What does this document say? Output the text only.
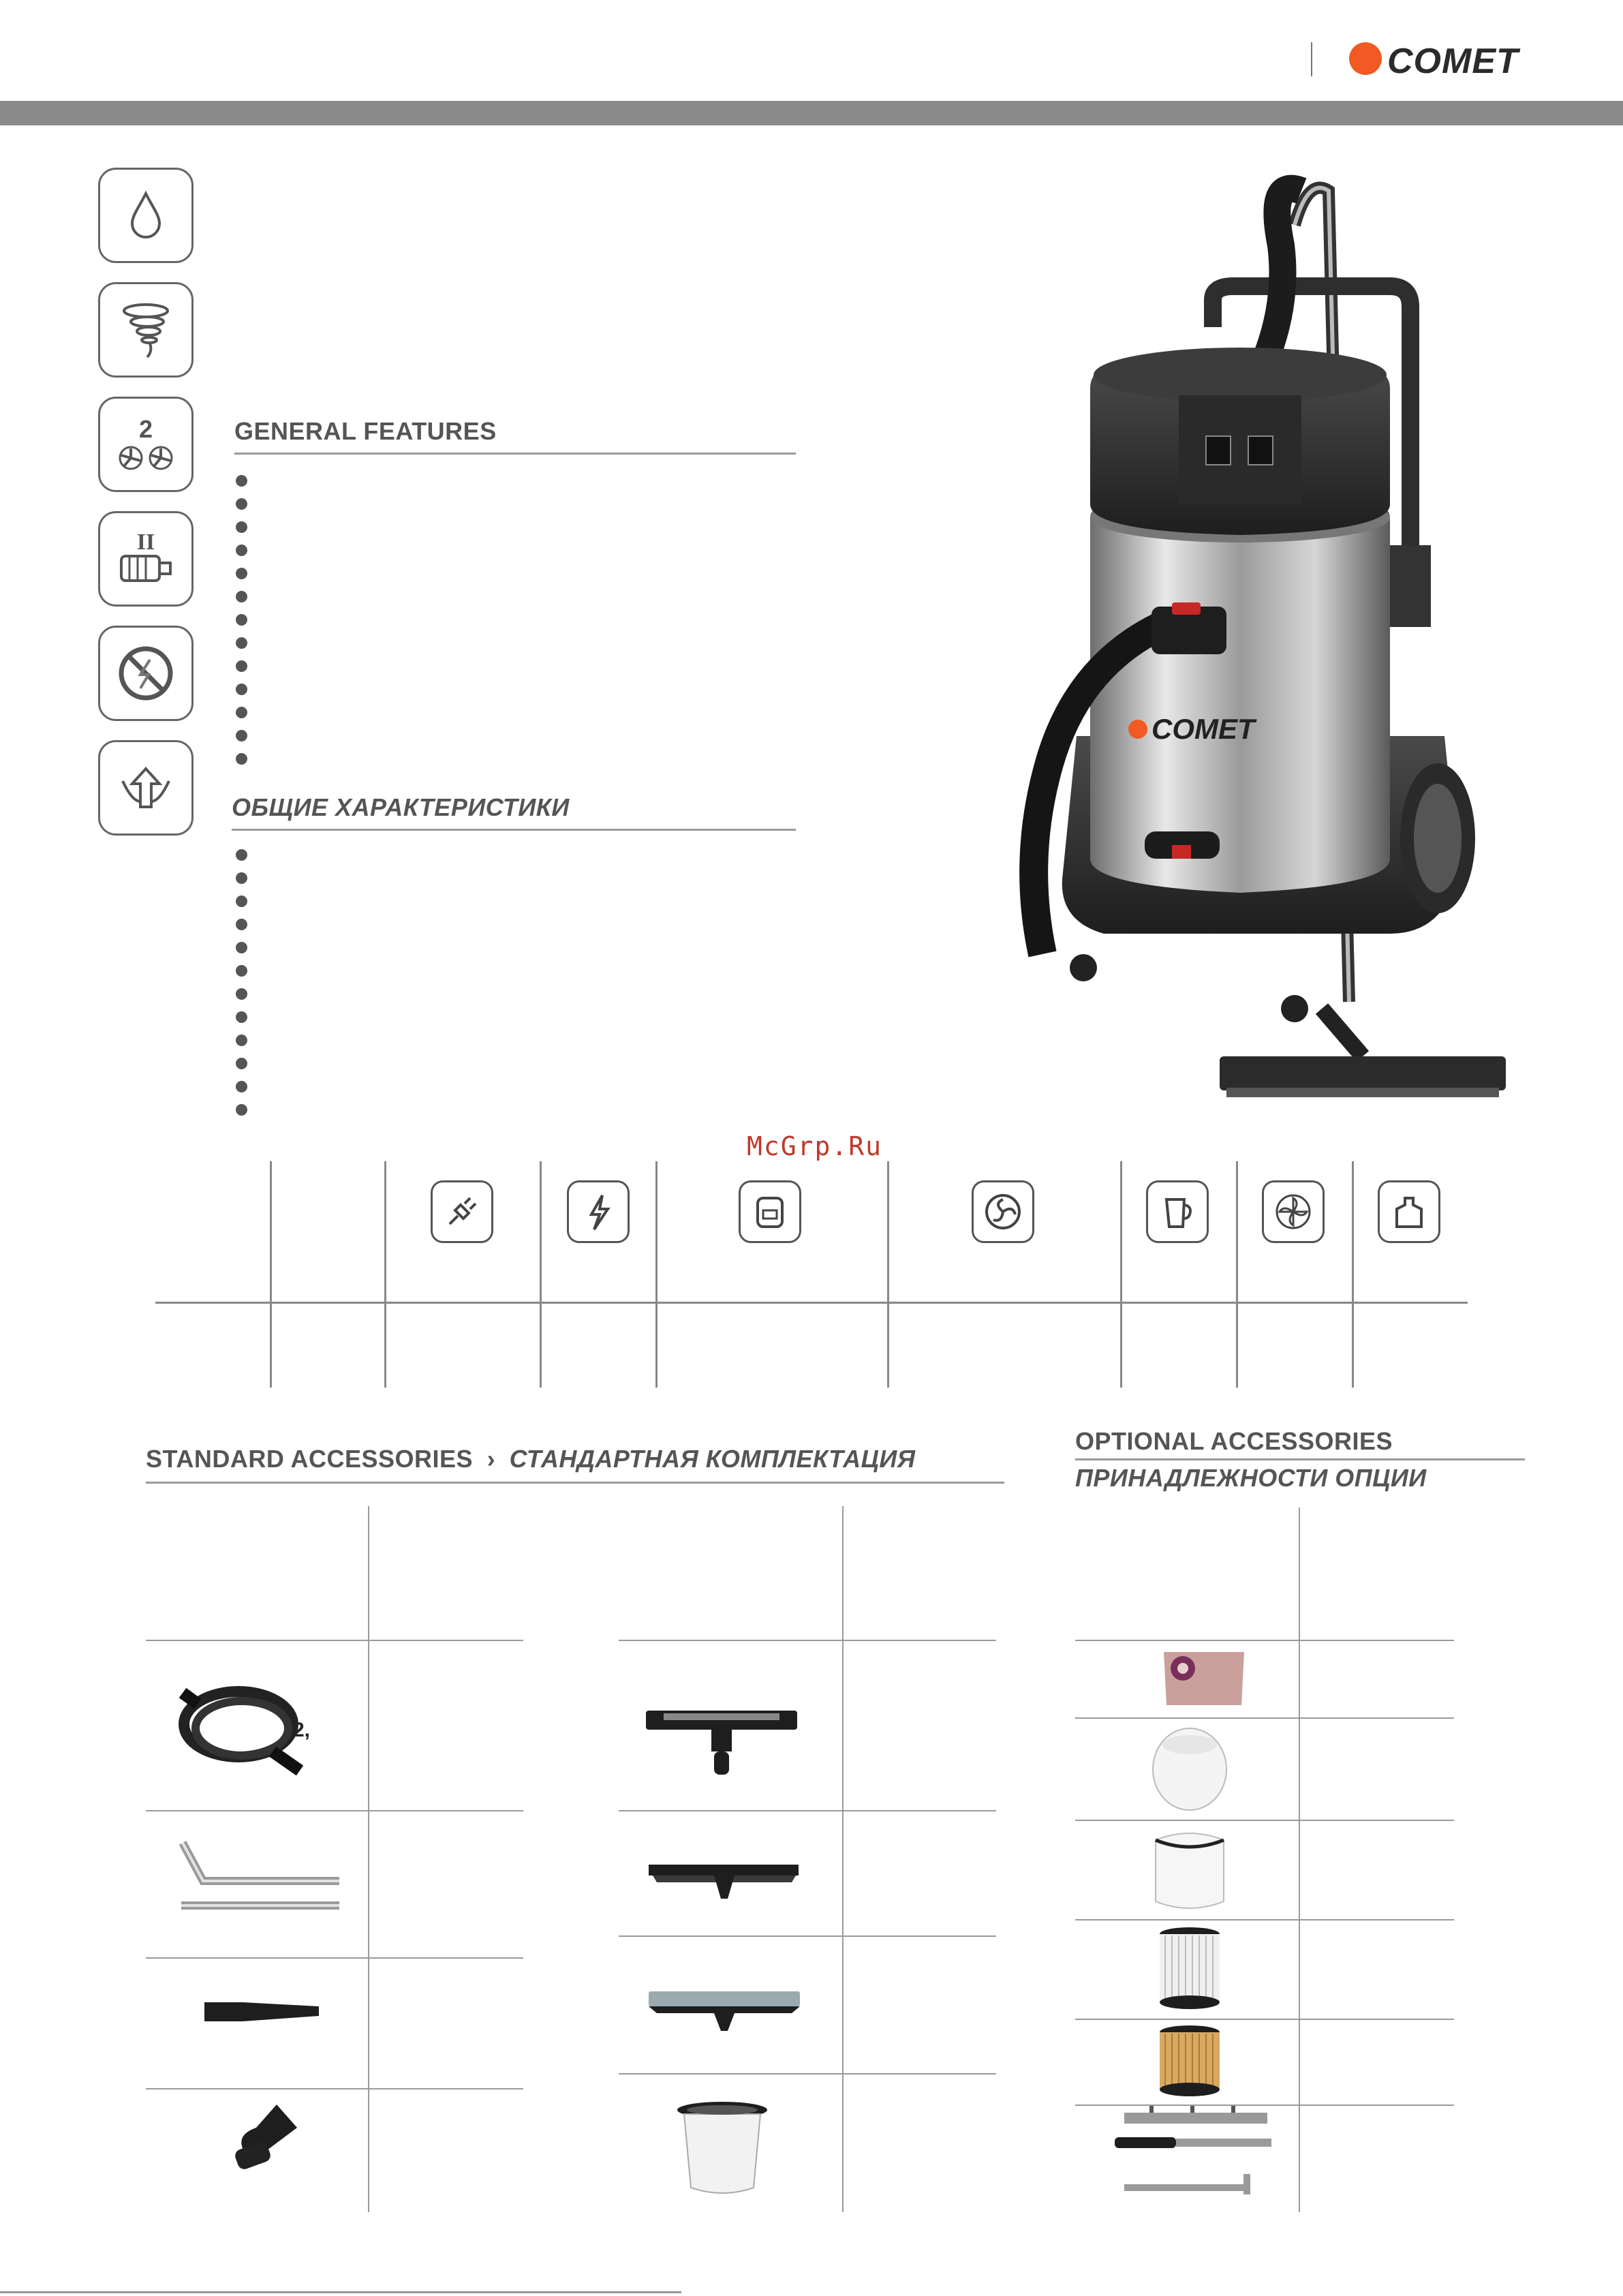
COMET
2
II
GENERAL FEATURES
ОБЩИЕ ХАРАКТЕРИСТИКИ
COMET
McGrp.Ru
STANDARD ACCESSORIES › СТАНДАРТНАЯ КОМПЛЕКТАЦИЯ
2,
OPTIONAL ACCESSORIES
ПРИНАДЛЕЖНОСТИ ОПЦИИ
